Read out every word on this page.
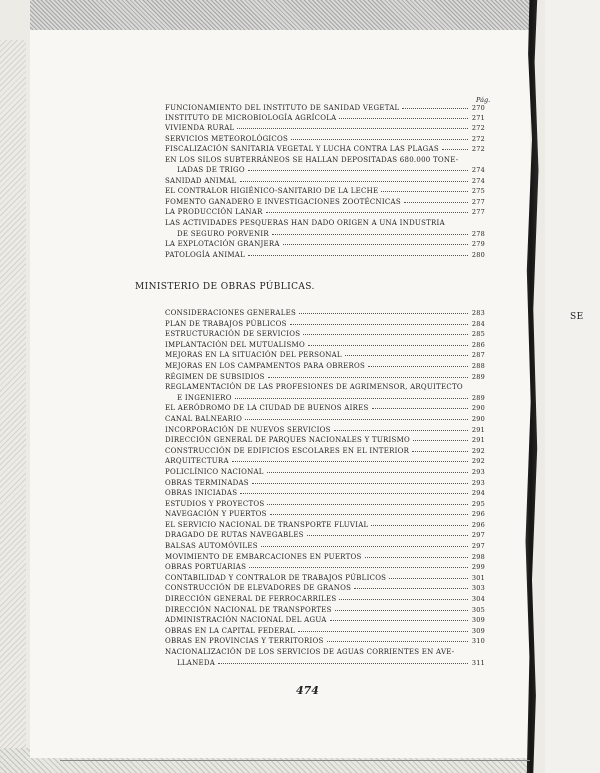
SE
Pág.
FUNCIONAMIENTO DEL INSTITUTO DE SANIDAD VEGETAL	270
INSTITUTO DE MICROBIOLOGÍA AGRÍCOLA	271
VIVIENDA RURAL	272
SERVICIOS METEOROLÓGICOS	272
FISCALIZACIÓN SANITARIA VEGETAL Y LUCHA CONTRA LAS PLAGAS	272
EN LOS SILOS SUBTERRÁNEOS SE HALLAN DEPOSITADAS 680.000 TONE-
LADAS DE TRIGO	274
SANIDAD ANIMAL	274
EL CONTRALOR HIGIÉNICO-SANITARIO DE LA LECHE	275
FOMENTO GANADERO E INVESTIGACIONES ZOOTÉCNICAS	277
LA PRODUCCIÓN LANAR	277
LAS ACTIVIDADES PESQUERAS HAN DADO ORIGEN A UNA INDUSTRIA
DE SEGURO PORVENIR	278
LA EXPLOTACIÓN GRANJERA	279
PATOLOGÍA ANIMAL	280
MINISTERIO DE OBRAS PÚBLICAS.
CONSIDERACIONES GENERALES	283
PLAN DE TRABAJOS PÚBLICOS	284
ESTRUCTURACIÓN DE SERVICIOS	285
IMPLANTACIÓN DEL MUTUALISMO	286
MEJORAS EN LA SITUACIÓN DEL PERSONAL	287
MEJORAS EN LOS CAMPAMENTOS PARA OBREROS	288
RÉGIMEN DE SUBSIDIOS	289
REGLAMENTACIÓN DE LAS PROFESIONES DE AGRIMENSOR, ARQUITECTO
E INGENIERO	289
EL AERÓDROMO DE LA CIUDAD DE BUENOS AIRES	290
CANAL BALNEARIO	290
INCORPORACIÓN DE NUEVOS SERVICIOS	291
DIRECCIÓN GENERAL DE PARQUES NACIONALES Y TURISMO	291
CONSTRUCCIÓN DE EDIFICIOS ESCOLARES EN EL INTERIOR	292
ARQUITECTURA	292
POLICLÍNICO NACIONAL	293
OBRAS TERMINADAS	293
OBRAS INICIADAS	294
ESTUDIOS Y PROYECTOS	295
NAVEGACIÓN Y PUERTOS	296
EL SERVICIO NACIONAL DE TRANSPORTE FLUVIAL	296
DRAGADO DE RUTAS NAVEGABLES	297
BALSAS AUTOMÓVILES	297
MOVIMIENTO DE EMBARCACIONES EN PUERTOS	298
OBRAS PORTUARIAS	299
CONTABILIDAD Y CONTRALOR DE TRABAJOS PÚBLICOS	301
CONSTRUCCIÓN DE ELEVADORES DE GRANOS	303
DIRECCIÓN GENERAL DE FERROCARRILES	304
DIRECCIÓN NACIONAL DE TRANSPORTES	305
ADMINISTRACIÓN NACIONAL DEL AGUA	309
OBRAS EN LA CAPITAL FEDERAL	309
OBRAS EN PROVINCIAS Y TERRITORIOS	310
NACIONALIZACIÓN DE LOS SERVICIOS DE AGUAS CORRIENTES EN AVE-
LLANEDA	311
474
